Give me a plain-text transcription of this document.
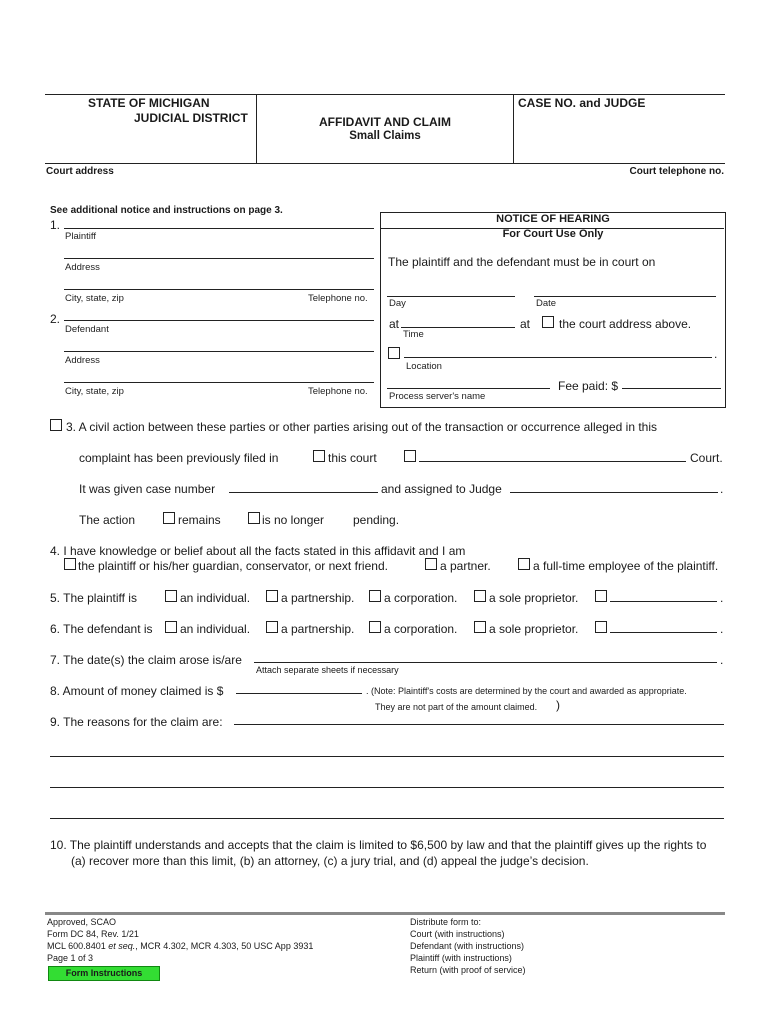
STATE OF MICHIGAN
JUDICIAL DISTRICT	AFFIDAVIT AND CLAIM
Small Claims
CASE NO. and JUDGE
Court address	Court telephone no.
See additional notice and instructions on page 3.
1.
Plaintiff
Address
City, state, zip	Telephone no.
2.
Defendant
Address
City, state, zip	Telephone no.
NOTICE OF HEARING
For Court Use Only
The plaintiff and the defendant must be in court on
Day	Date
at
Time
at the court address above.
.
Location
Process server's name
Fee paid: $
3. A civil action between these parties or other parties arising out of the transaction or occurrence alleged in this
complaint has been previously filed in	this court	Court.
It was given case number	and assigned to Judge	.
The action	remains	is no longer pending.
4. I have knowledge or belief about all the facts stated in this affidavit and I am
the plaintiff or his/her guardian, conservator, or next friend.	a partner.	a full-time employee of the plaintiff.
5. The plaintiff is	an individual.	a partnership. a corporation.	a sole proprietor.	.
6. The defendant is an individual.	a partnership. a corporation.	a sole proprietor.	.
7. The date(s) the claim arose is/are	.
Attach separate sheets if necessary
8. Amount of money claimed is $	. (Note: Plaintiff's costs are determined by the court and awarded as appropriate.
They are not part of the amount claimed. )
9. The reasons for the claim are:
10. The plaintiff understands and accepts that the claim is limited to $6,500 by law and that the plaintiff gives up the rights to
(a) recover more than this limit, (b) an attorney, (c) a jury trial, and (d) appeal the judge’s decision.
Approved, SCAO
Form DC 84, Rev. 1/21
MCL 600.8401 et seq., MCR 4.302, MCR 4.303, 50 USC App 3931
Page 1 of 3
Form Instructions
Distribute form to:
Court (with instructions)
Defendant (with instructions)
Plaintiff (with instructions)
Return (with proof of service)
